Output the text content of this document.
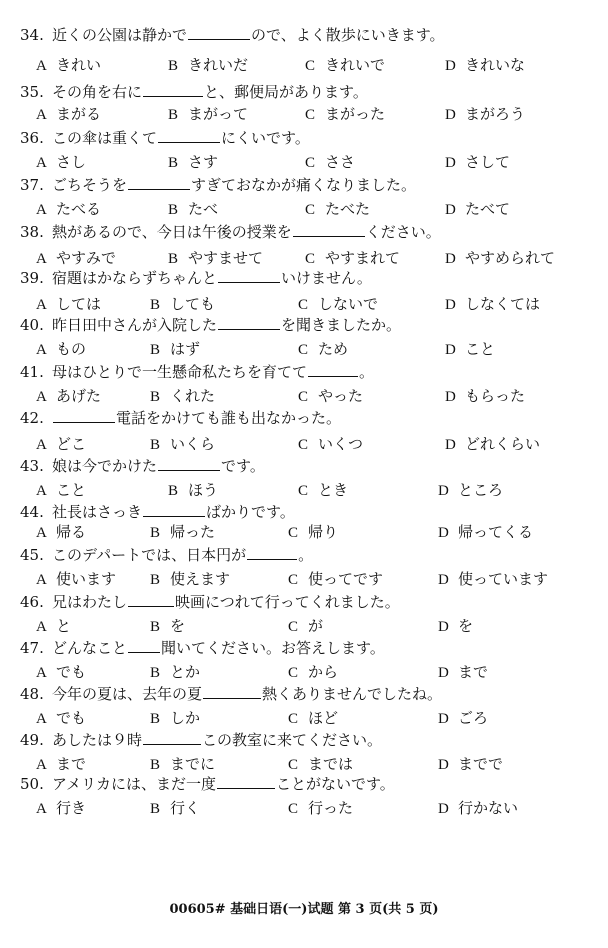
34. 近くの公園は静かで	ので、よく散歩にいきます。
A きれい	B きれいだ	C きれいで	D きれいな
35. その角を右に	と、郵便局があります。
A まがる	B まがって	C まがった	D まがろう
36. この傘は重くて	にくいです。
A さし	B さす	C ささ	D さして
37. ごちそうを	すぎておなかが痛くなりました。
A たべる	B たべ	C たべた	D たべて
38. 熱があるので、今日は午後の授業を	ください。
A やすみで	B やすませて	C やすまれて	D やすめられて
39. 宿題はかならずちゃんと	いけません。
A しては	B しても	C しないで	D しなくては
40. 昨日田中さんが入院した	を聞きましたか。
A もの	B はず	C ため	D こと
41. 母はひとりで一生懸命私たちを育てて	。
A あげた	B くれた	C やった	D もらった
42.	電話をかけても誰も出なかった。
A どこ	B いくら	C いくつ	D どれくらい
43. 娘は今でかけた	です。
A こと	B ほう	C とき	D ところ
44. 社長はさっき	ばかりです。
A 帰る	B 帰った	C 帰り	D 帰ってくる
45. このデパートでは、日本円が	。
A 使います B 使えます	C 使ってです	D 使っています
46. 兄はわたし	映画につれて行ってくれました。
A と	B を	C が	D を
47. どんなこと 聞いてください。お答えします。
A でも	B とか	C から	D まで
48. 今年の夏は、去年の夏	熱くありませんでしたね。
A でも	B しか	C ほど	D ごろ
49. あしたは９時	この教室に来てください。
A まで	B までに	C までは	D までで
50. アメリカには、まだ一度	ことがないです。
A 行き	B 行く	C 行った	D 行かない
00605# 基础日语(一)试题 第 3 页(共 5 页)
